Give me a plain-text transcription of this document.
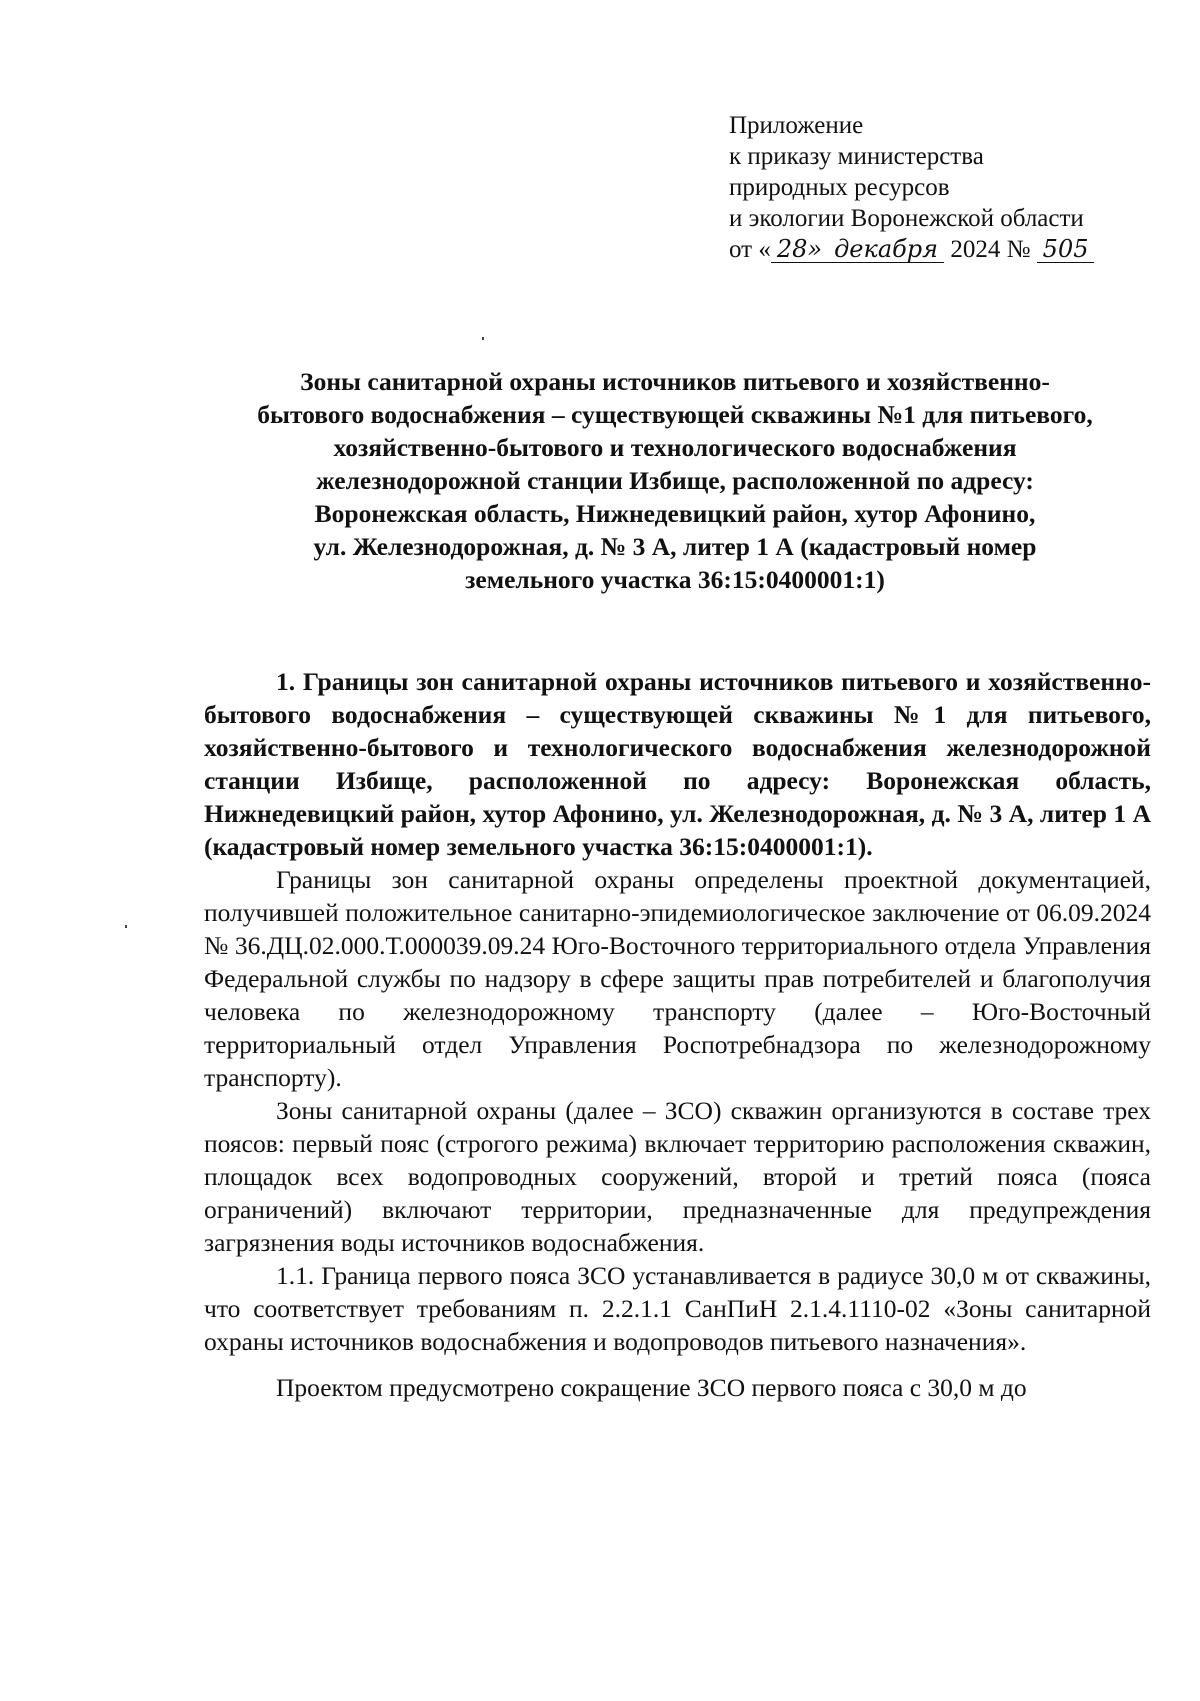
Приложение
к приказу министерства
природных ресурсов
и экологии Воронежской области
от « 28» декабря 2024 № 505
Зоны санитарной охраны источников питьевого и хозяйственно-
бытового водоснабжения – существующей скважины №1 для питьевого,
хозяйственно-бытового и технологического водоснабжения
железнодорожной станции Избище, расположенной по адресу:
Воронежская область, Нижнедевицкий район, хутор Афонино,
ул. Железнодорожная, д. № 3 А, литер 1 А (кадастровый номер
земельного участка 36:15:0400001:1)

1. Границы зон санитарной охраны источников питьевого и хозяйственно-бытового водоснабжения – существующей скважины №1 для питьевого, хозяйственно-бытового и технологического водоснабжения железнодорожной станции Избище, расположенной по адресу: Воронежская область, Нижнедевицкий район, хутор Афонино, ул. Железнодорожная, д. № 3 А, литер 1 А (кадастровый номер земельного участка 36:15:0400001:1).

Границы зон санитарной охраны определены проектной документацией, получившей положительное санитарно-эпидемиологическое заключение от 06.09.2024 № 36.ДЦ.02.000.Т.000039.09.24 Юго-Восточного территориального отдела Управления Федеральной службы по надзору в сфере защиты прав потребителей и благополучия человека по железнодорожному транспорту (далее – Юго-Восточный территориальный отдел Управления Роспотребнадзора по железнодорожному транспорту).

Зоны санитарной охраны (далее – ЗСО) скважин организуются в составе трех поясов: первый пояс (строгого режима) включает территорию расположения скважин, площадок всех водопроводных сооружений, второй и третий пояса (пояса ограничений) включают территории, предназначенные для предупреждения загрязнения воды источников водоснабжения.

1.1. Граница первого пояса ЗСО устанавливается в радиусе 30,0 м от скважины, что соответствует требованиям п. 2.2.1.1 СанПиН 2.1.4.1110-02 «Зоны санитарной охраны источников водоснабжения и водопроводов питьевого назначения».

Проектом предусмотрено сокращение ЗСО первого пояса с 30,0 м до
